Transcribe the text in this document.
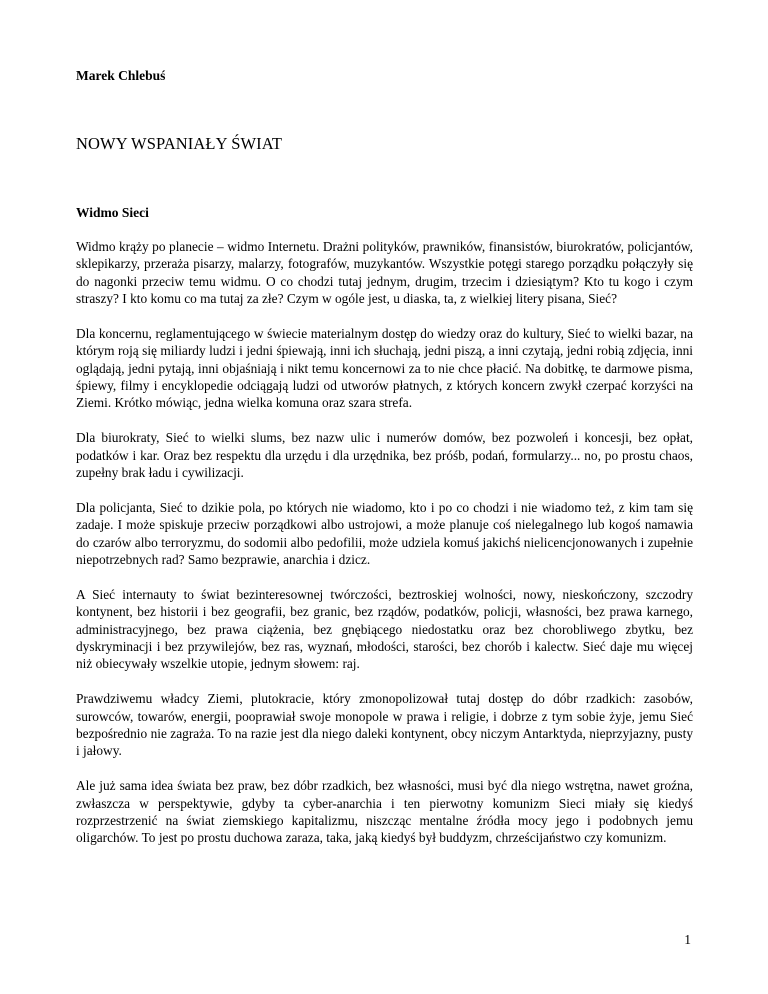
Marek Chlebuś

NOWY WSPANIAŁY ŚWIAT
Widmo Sieci

Widmo krąży po planecie – widmo Internetu. Drażni polityków, prawników, finansistów, biurokratów, policjantów, sklepikarzy, przeraża pisarzy, malarzy, fotografów, muzykantów. Wszystkie potęgi starego porządku połączyły się do nagonki przeciw temu widmu. O co chodzi tutaj jednym, drugim, trzecim i dziesiątym? Kto tu kogo i czym straszy? I kto komu co ma tutaj za złe? Czym w ogóle jest, u diaska, ta, z wielkiej litery pisana, Sieć?

Dla koncernu, reglamentującego w świecie materialnym dostęp do wiedzy oraz do kultury, Sieć to wielki bazar, na którym roją się miliardy ludzi i jedni śpiewają, inni ich słuchają, jedni piszą, a inni czytają, jedni robią zdjęcia, inni oglądają, jedni pytają, inni objaśniają i nikt temu koncernowi za to nie chce płacić. Na dobitkę, te darmowe pisma, śpiewy, filmy i encyklopedie odciągają ludzi od utworów płatnych, z których koncern zwykł czerpać korzyści na Ziemi. Krótko mówiąc, jedna wielka komuna oraz szara strefa.

Dla biurokraty, Sieć to wielki slums, bez nazw ulic i numerów domów, bez pozwoleń i koncesji, bez opłat, podatków i kar. Oraz bez respektu dla urzędu i dla urzędnika, bez próśb, podań, formularzy... no, po prostu chaos, zupełny brak ładu i cywilizacji.

Dla policjanta, Sieć to dzikie pola, po których nie wiadomo, kto i po co chodzi i nie wiadomo też, z kim tam się zadaje. I może spiskuje przeciw porządkowi albo ustrojowi, a może planuje coś nielegalnego lub kogoś namawia do czarów albo terroryzmu, do sodomii albo pedofilii, może udziela komuś jakichś nielicencjonowanych i zupełnie niepotrzebnych rad? Samo bezprawie, anarchia i dzicz.

A Sieć internauty to świat bezinteresownej twórczości, beztroskiej wolności, nowy, nieskończony, szczodry kontynent, bez historii i bez geografii, bez granic, bez rządów, podatków, policji, własności, bez prawa karnego, administracyjnego, bez prawa ciążenia, bez gnębiącego niedostatku oraz bez chorobliwego zbytku, bez dyskryminacji i bez przywilejów, bez ras, wyznań, młodości, starości, bez chorób i kalectw. Sieć daje mu więcej niż obiecywały wszelkie utopie, jednym słowem: raj.

Prawdziwemu władcy Ziemi, plutokracie, który zmonopolizował tutaj dostęp do dóbr rzadkich: zasobów, surowców, towarów, energii, pooprawiał swoje monopole w prawa i religie, i dobrze z tym sobie żyje, jemu Sieć bezpośrednio nie zagraża. To na razie jest dla niego daleki kontynent, obcy niczym Antarktyda, nieprzyjazny, pusty i jałowy.

Ale już sama idea świata bez praw, bez dóbr rzadkich, bez własności, musi być dla niego wstrętna, nawet groźna, zwłaszcza w perspektywie, gdyby ta cyber-anarchia i ten pierwotny komunizm Sieci miały się kiedyś rozprzestrzenić na świat ziemskiego kapitalizmu, niszcząc mentalne źródła mocy jego i podobnych jemu oligarchów. To jest po prostu duchowa zaraza, taka, jaką kiedyś był buddyzm, chrześcijaństwo czy komunizm.

1
